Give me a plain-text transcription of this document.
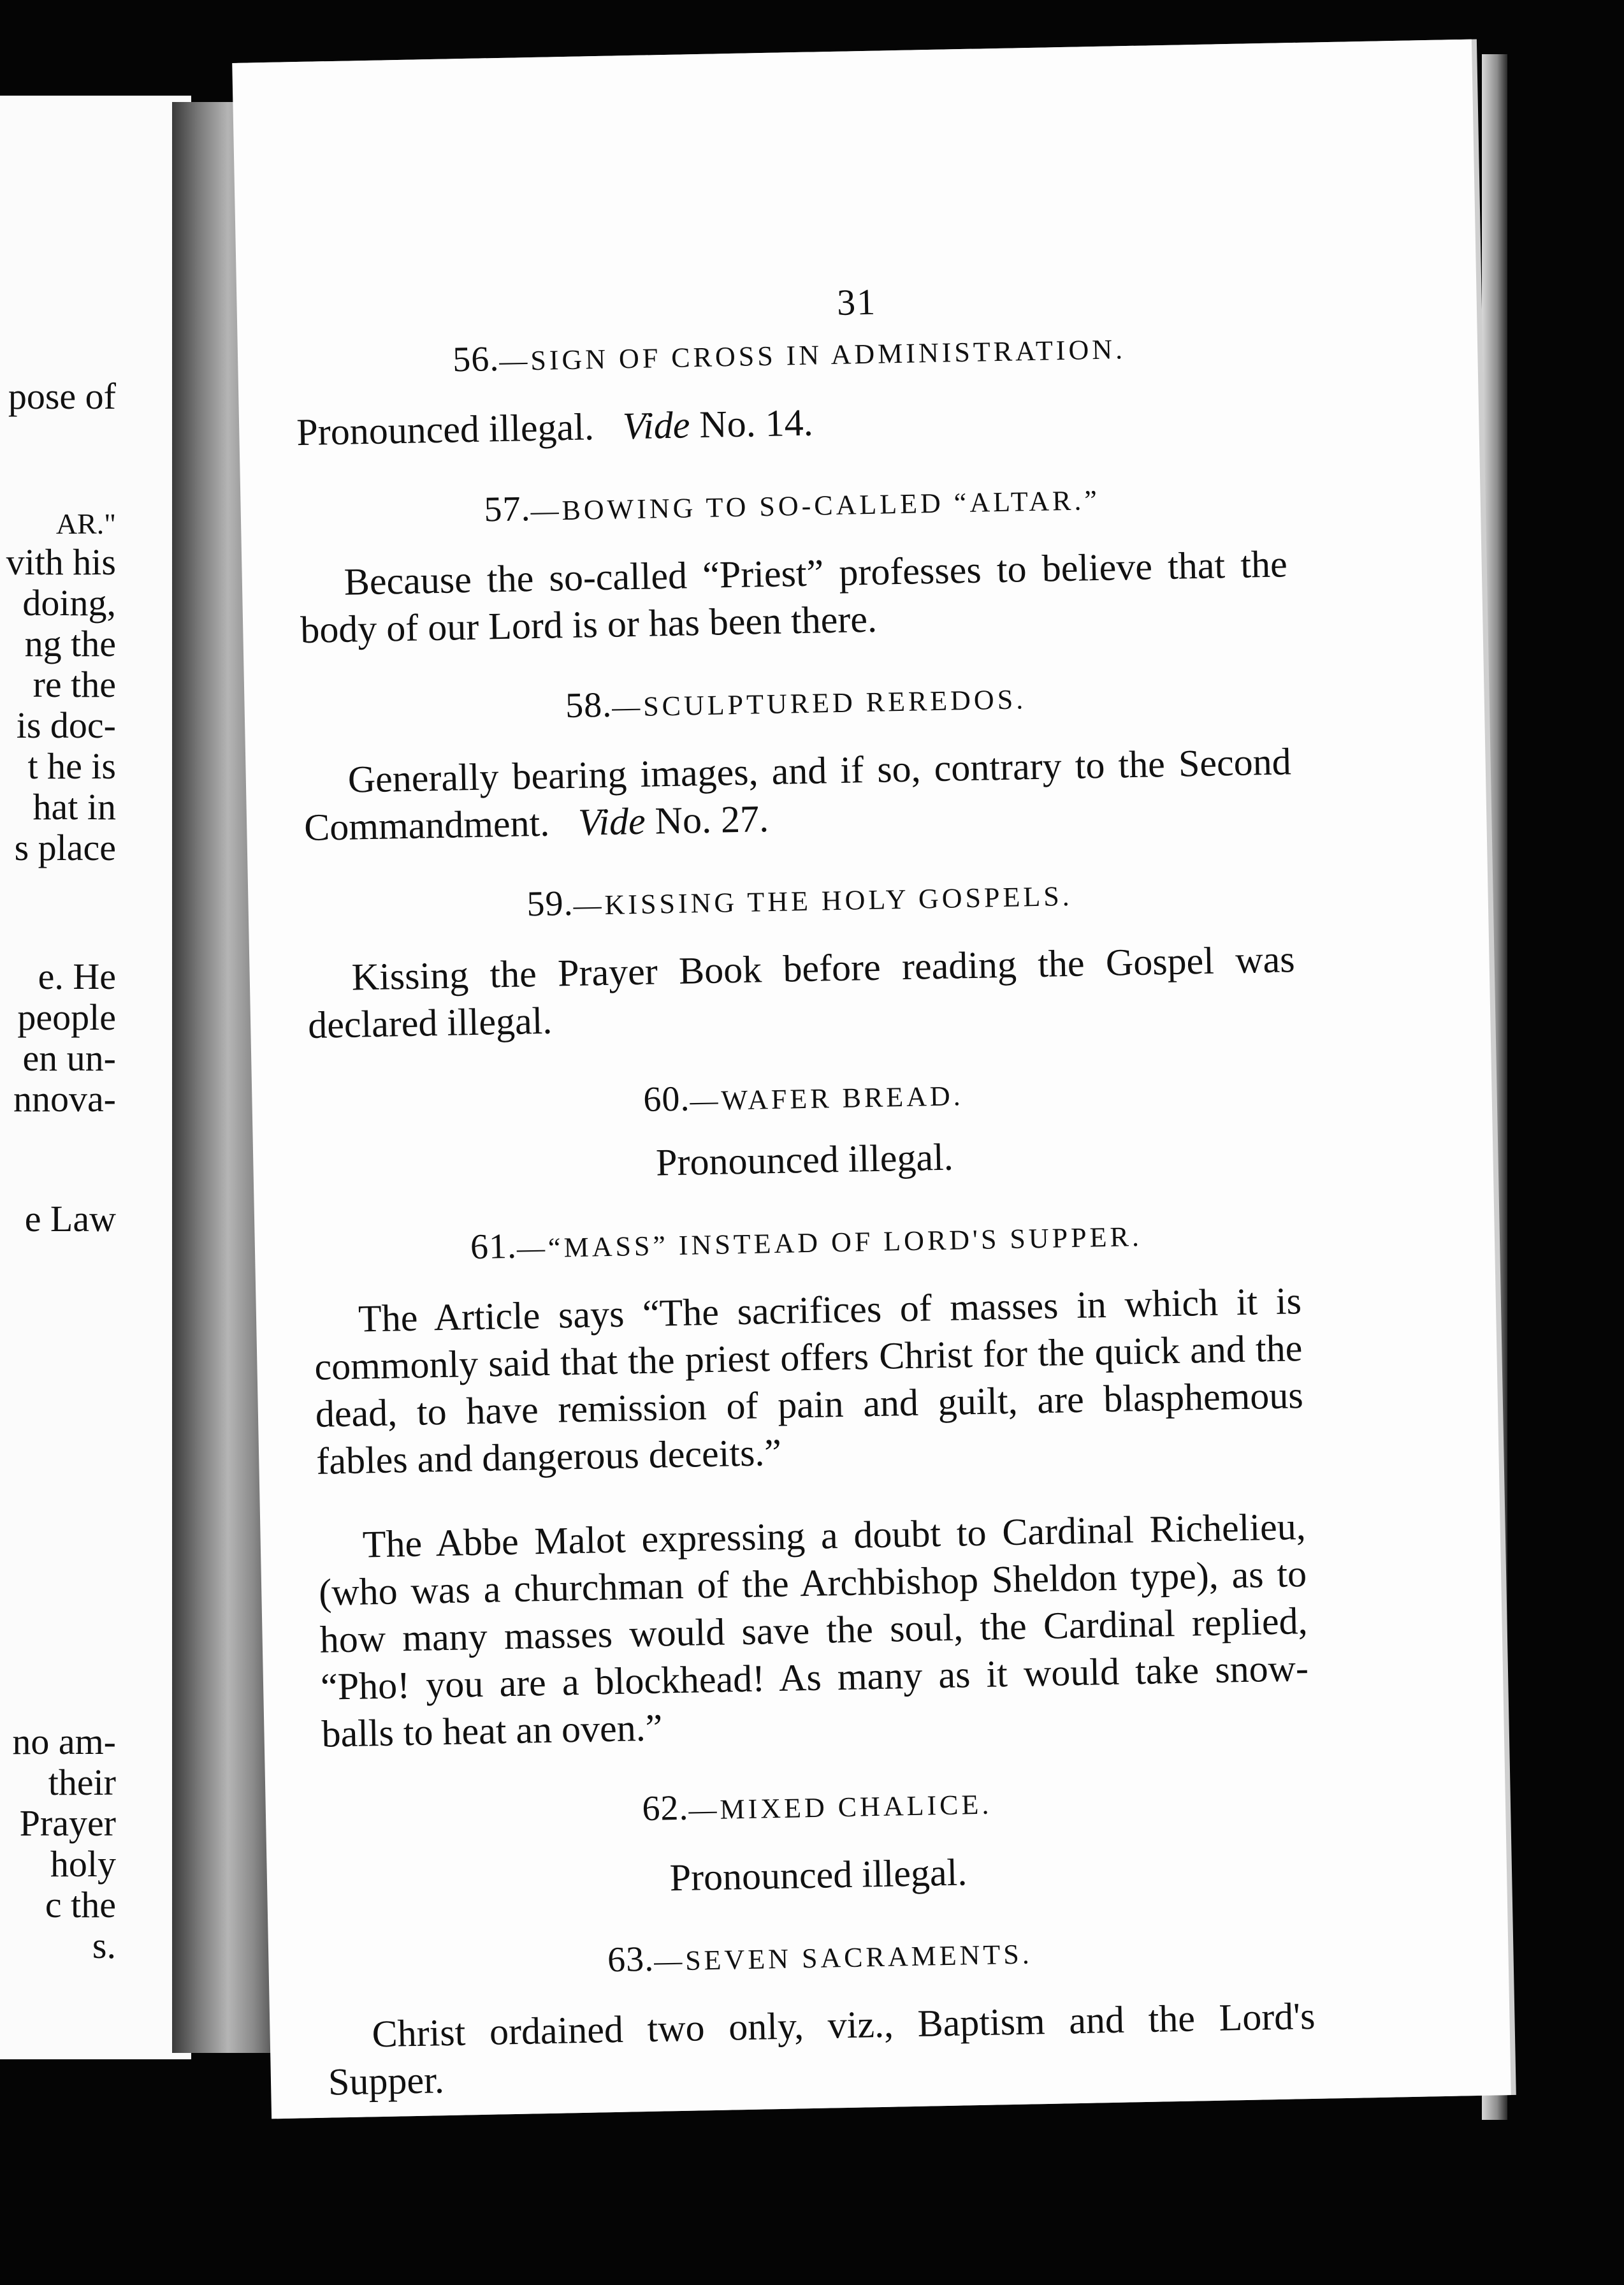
pose of
AR."
vith his
doing,
ng the
re the
is doc-
t he is
hat in
s place
e. He
people
en un-
nnova-
e Law
no am-
their
Prayer
holy
c the
s.
31
56.—SIGN OF CROSS IN ADMINISTRATION.
Pronounced illegal. Vide No. 14.
57.—BOWING TO SO-CALLED “ALTAR.”
Because the so-called “Priest” professes to believe that the body of our Lord is or has been there.
58.—SCULPTURED REREDOS.
Generally bearing images, and if so, contrary to the Second Commandment. Vide No. 27.
59.—KISSING THE HOLY GOSPELS.
Kissing the Prayer Book before reading the Gospel was declared illegal.
60.—WAFER BREAD.
Pronounced illegal.
61.—“MASS” INSTEAD OF LORD'S SUPPER.
The Article says “The sacrifices of masses in which it is commonly said that the priest offers Christ for the quick and the dead, to have remission of pain and guilt, are blasphemous fables and dangerous deceits.”
The Abbe Malot expressing a doubt to Cardinal Richelieu, (who was a churchman of the Archbishop Sheldon type), as to how many masses would save the soul, the Cardinal replied, “Pho! you are a blockhead! As many as it would take snow-balls to heat an oven.”
62.—MIXED CHALICE.
Pronounced illegal.
63.—SEVEN SACRAMENTS.
Christ ordained two only, viz., Baptism and the Lord's Supper.
